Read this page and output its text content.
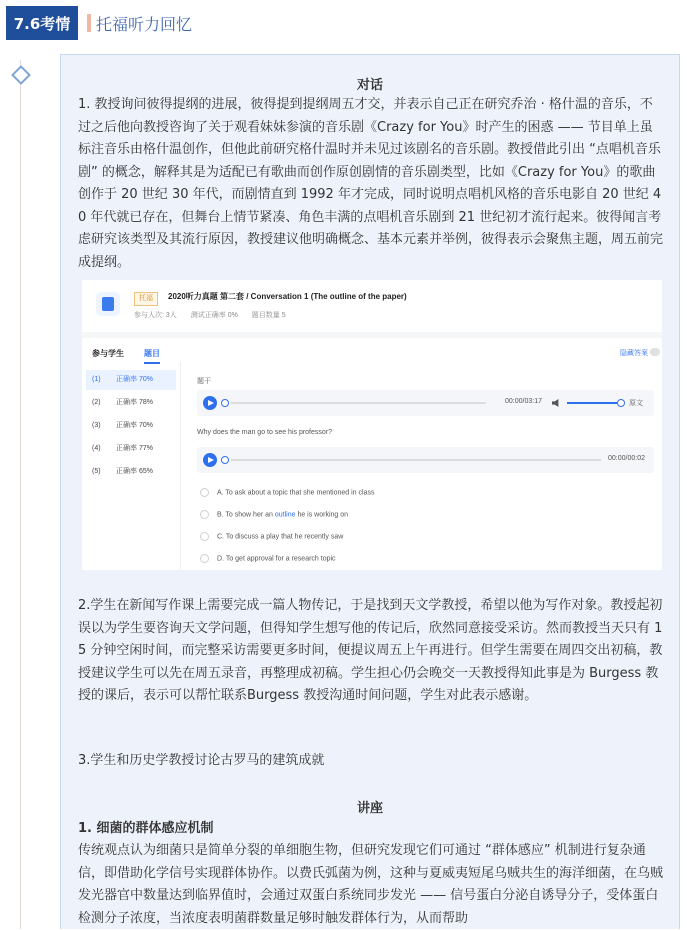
7.6考情	托福听力回忆
对话
1. 教授询问彼得提纲的进展，彼得提到提纲周五才交，并表示自己正在研究乔治 · 格什温的音乐，不过之后他向教授咨询了关于观看妹妹参演的音乐剧《Crazy for You》时产生的困惑 —— 节目单上虽标注音乐由格什温创作，但他此前研究格什温时并未见过该剧名的音乐剧。教授借此引出 “点唱机音乐剧” 的概念，解释其是为适配已有歌曲而创作原创剧情的音乐剧类型，比如《Crazy for You》的歌曲创作于 20 世纪 30 年代，而剧情直到 1992 年才完成，同时说明点唱机风格的音乐电影自 20 世纪 40 年代就已存在，但舞台上情节紧凑、角色丰满的点唱机音乐剧到 21 世纪初才流行起来。彼得闻言考虑研究该类型及其流行原因，教授建议他明确概念、基本元素并举例，彼得表示会聚焦主题，周五前完成提纲。
托福	2020听力真题 第二套 / Conversation 1 (The outline of the paper)
参与人次: 3人 测试正确率 0% 题目数量 5
参与学生	题目	隐藏答案
(1) 正确率 70%
(2) 正确率 78%
(3) 正确率 70%
(4) 正确率 77%
(5) 正确率 65%
题干
00:00/03:17	原文
Why does the man go to see his professor?
00:00/00:02
A. To ask about a topic that she mentioned in class
B. To show her an outline he is working on
C. To discuss a play that he recently saw
D. To get approval for a research topic
2.学生在新闻写作课上需要完成一篇人物传记，于是找到天文学教授，希望以他为写作对象。教授起初误以为学生要咨询天文学问题，但得知学生想写他的传记后，欣然同意接受采访。然而教授当天只有 15 分钟空闲时间，而完整采访需要更多时间，便提议周五上午再进行。但学生需要在周四交出初稿，教授建议学生可以先在周五录音，再整理成初稿。学生担心仍会晚交一天教授得知此事是为 Burgess 教授的课后，表示可以帮忙联系Burgess 教授沟通时间问题，学生对此表示感谢。
3.学生和历史学教授讨论古罗马的建筑成就
讲座
1. 细菌的群体感应机制
传统观点认为细菌只是简单分裂的单细胞生物，但研究发现它们可通过 “群体感应” 机制进行复杂通信，即借助化学信号实现群体协作。以费氏弧菌为例，这种与夏威夷短尾乌贼共生的海洋细菌，在乌贼发光器官中数量达到临界值时，会通过双蛋白系统同步发光 —— 信号蛋白分泌自诱导分子，受体蛋白检测分子浓度，当浓度表明菌群数量足够时触发群体行为，从而帮助
